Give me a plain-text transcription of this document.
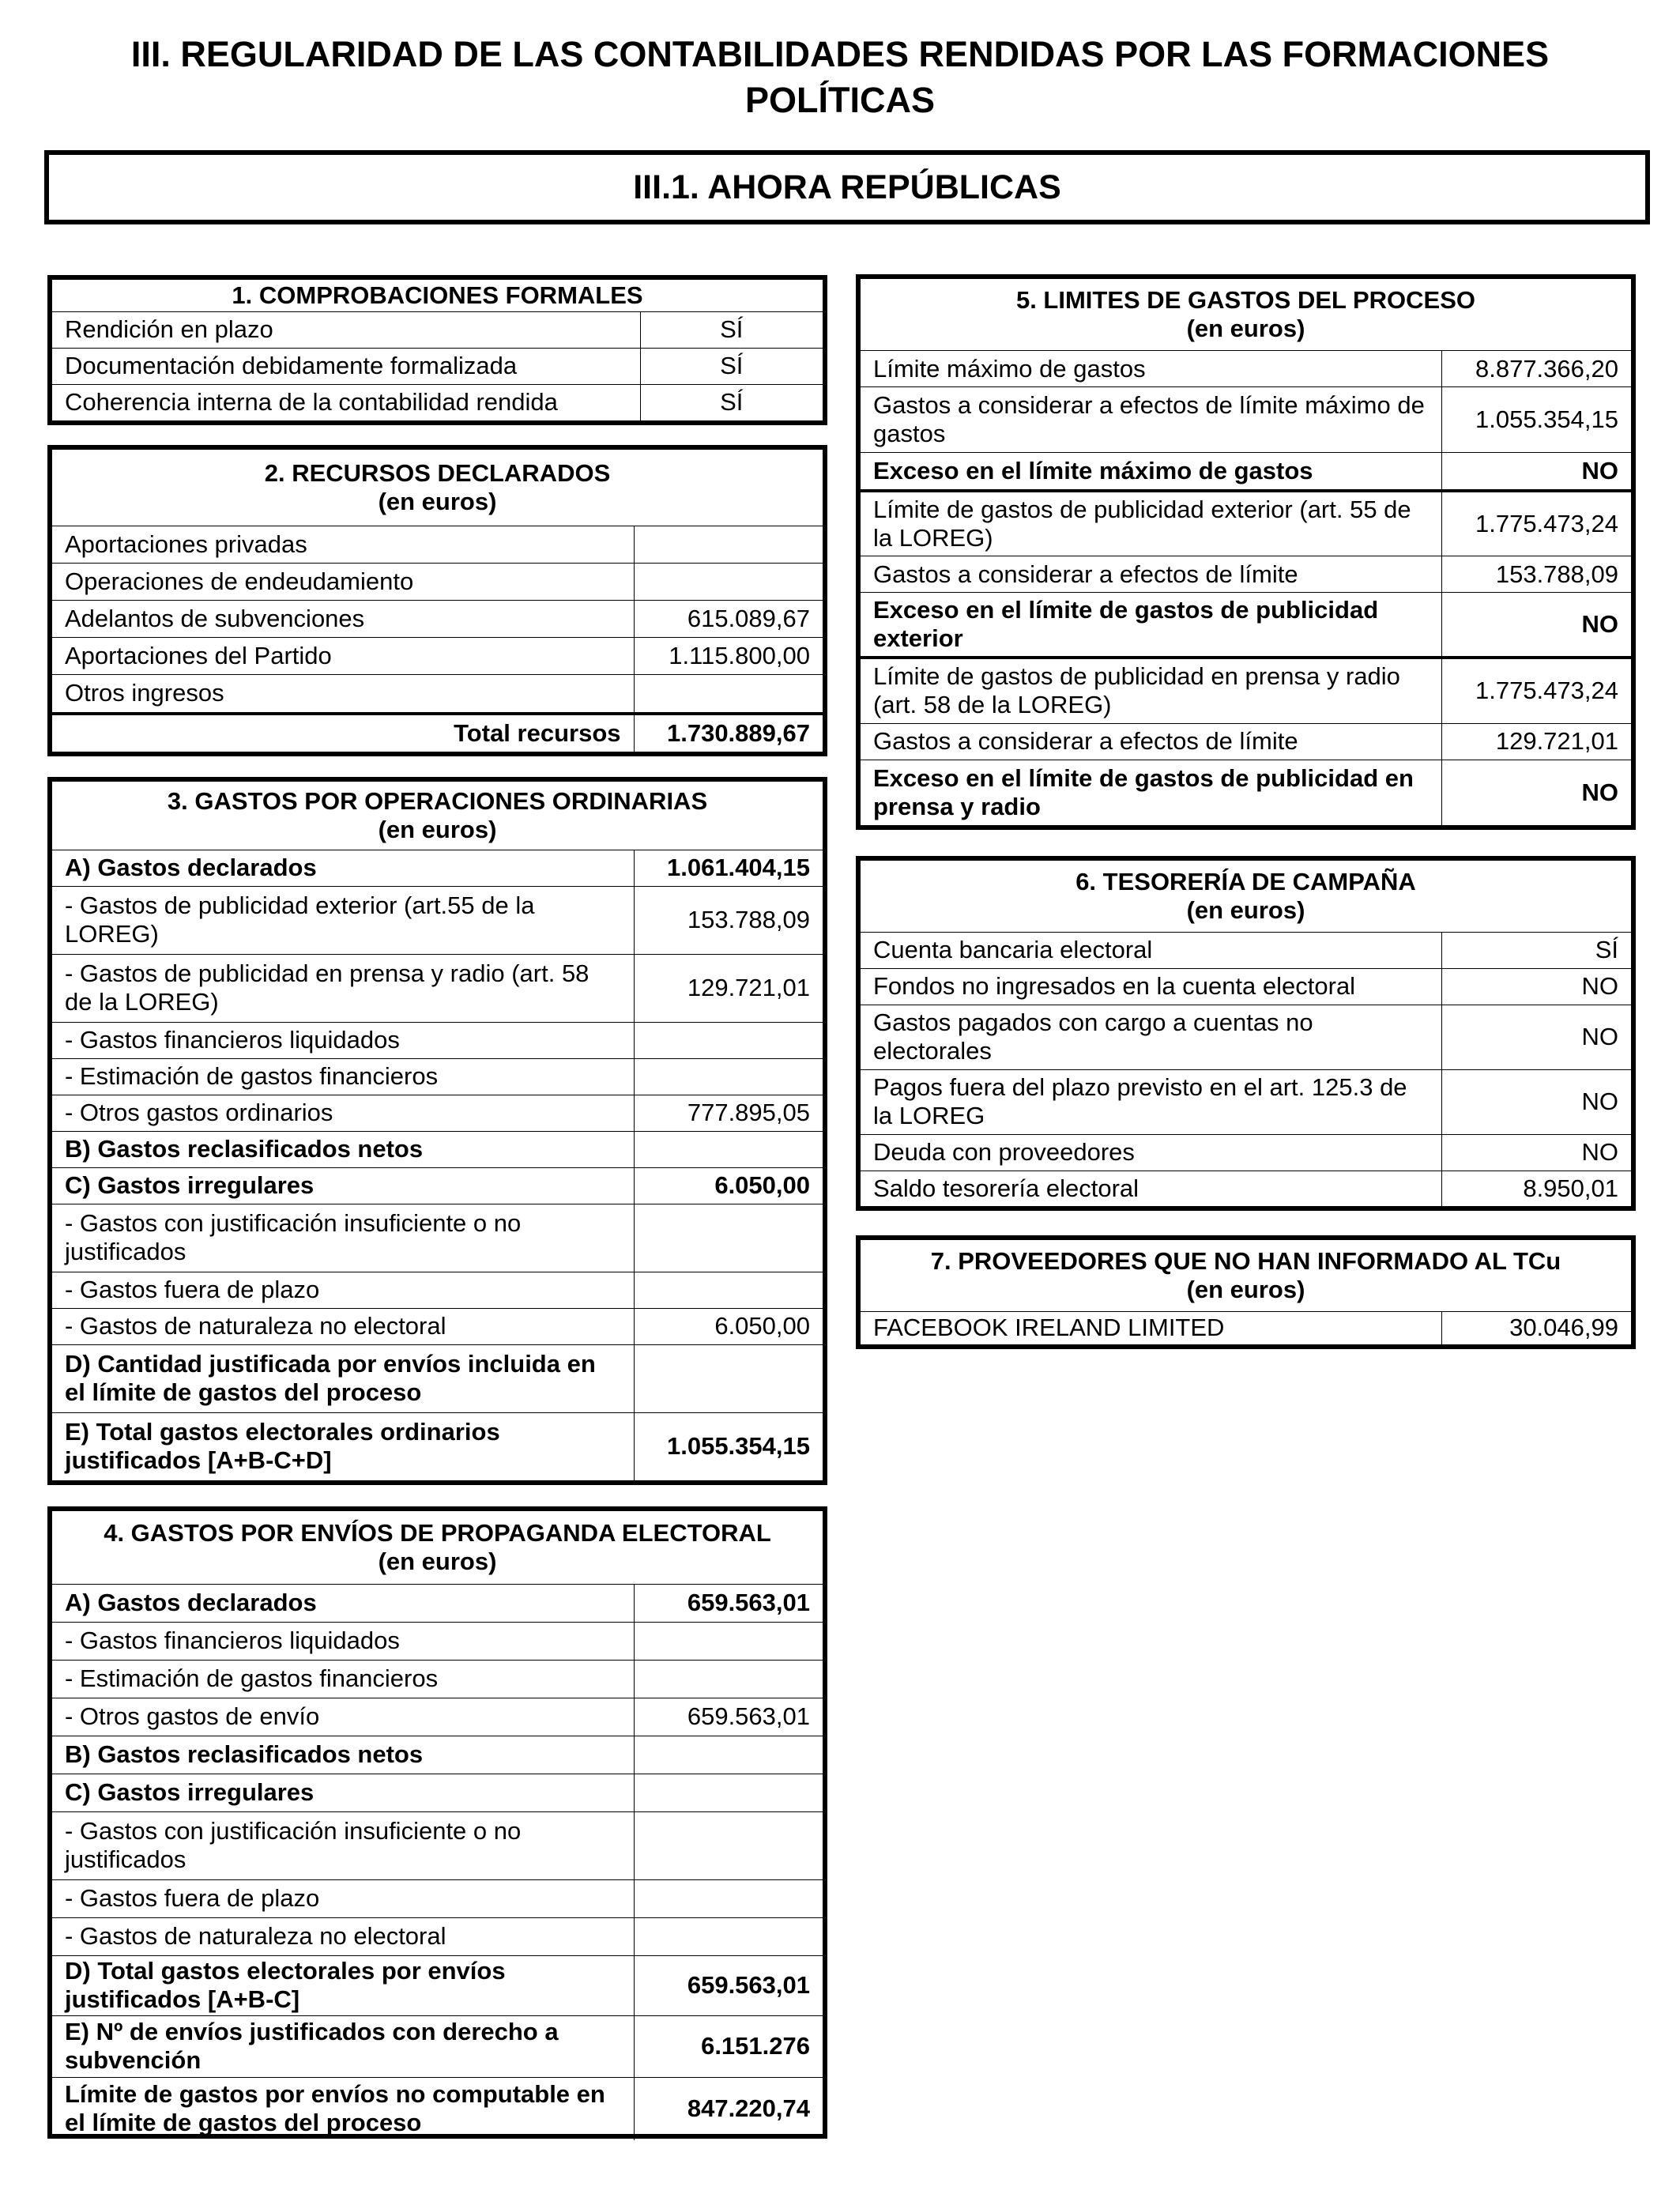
III. REGULARIDAD DE LAS CONTABILIDADES RENDIDAS POR LAS FORMACIONES
POLÍTICAS
III.1. AHORA REPÚBLICAS
1. COMPROBACIONES FORMALES	
Rendición en plazo	SÍ
Documentación debidamente formalizada	SÍ
Coherencia interna de la contabilidad rendida	SÍ
2. RECURSOS DECLARADOS
(en euros)	

Aportaciones privadas	
Operaciones de endeudamiento	
Adelantos de subvenciones	615.089,67
Aportaciones del Partido	1.115.800,00
Otros ingresos	
Total recursos	1.730.889,67
3. GASTOS POR OPERACIONES ORDINARIAS
(en euros)	

A) Gastos declarados	1.061.404,15
- Gastos de publicidad exterior (art.55 de la LOREG)	153.788,09
- Gastos de publicidad en prensa y radio (art. 58 de la LOREG)	129.721,01
- Gastos financieros liquidados	
- Estimación de gastos financieros	
- Otros gastos ordinarios	777.895,05
B) Gastos reclasificados netos	
C) Gastos irregulares	6.050,00
- Gastos con justificación insuficiente o no justificados	
- Gastos fuera de plazo	
- Gastos de naturaleza no electoral	6.050,00
D) Cantidad justificada por envíos incluida en el límite de gastos del proceso	
E) Total gastos electorales ordinarios justificados [A+B-C+D]	1.055.354,15
4. GASTOS POR ENVÍOS DE PROPAGANDA ELECTORAL
(en euros)	

A) Gastos declarados	659.563,01
- Gastos financieros liquidados	
- Estimación de gastos financieros	
- Otros gastos de envío	659.563,01
B) Gastos reclasificados netos	
C) Gastos irregulares	
- Gastos con justificación insuficiente o no justificados	
- Gastos fuera de plazo	
- Gastos de naturaleza no electoral	
D) Total gastos electorales por envíos justificados [A+B-C]	659.563,01
E) Nº de envíos justificados con derecho a subvención	6.151.276
Límite de gastos por envíos no computable en el límite de gastos del proceso	847.220,74
5. LIMITES DE GASTOS DEL PROCESO
(en euros)	

Límite máximo de gastos	8.877.366,20
Gastos a considerar a efectos de límite máximo de gastos	1.055.354,15
Exceso en el límite máximo de gastos	NO
Límite de gastos de publicidad exterior (art. 55 de la LOREG)	1.775.473,24
Gastos a considerar a efectos de límite	153.788,09
Exceso en el límite de gastos de publicidad exterior	NO
Límite de gastos de publicidad en prensa y radio (art. 58 de la LOREG)	1.775.473,24
Gastos a considerar a efectos de límite	129.721,01
Exceso en el límite de gastos de publicidad en prensa y radio	NO
6. TESORERÍA DE CAMPAÑA
(en euros)	

Cuenta bancaria electoral	SÍ
Fondos no ingresados en la cuenta electoral	NO
Gastos pagados con cargo a cuentas no electorales	NO
Pagos fuera del plazo previsto en el art. 125.3 de la LOREG	NO
Deuda con proveedores	NO
Saldo tesorería electoral	8.950,01
7. PROVEEDORES QUE NO HAN INFORMADO AL TCu
(en euros)

FACEBOOK IRELAND LIMITED	30.046,99
